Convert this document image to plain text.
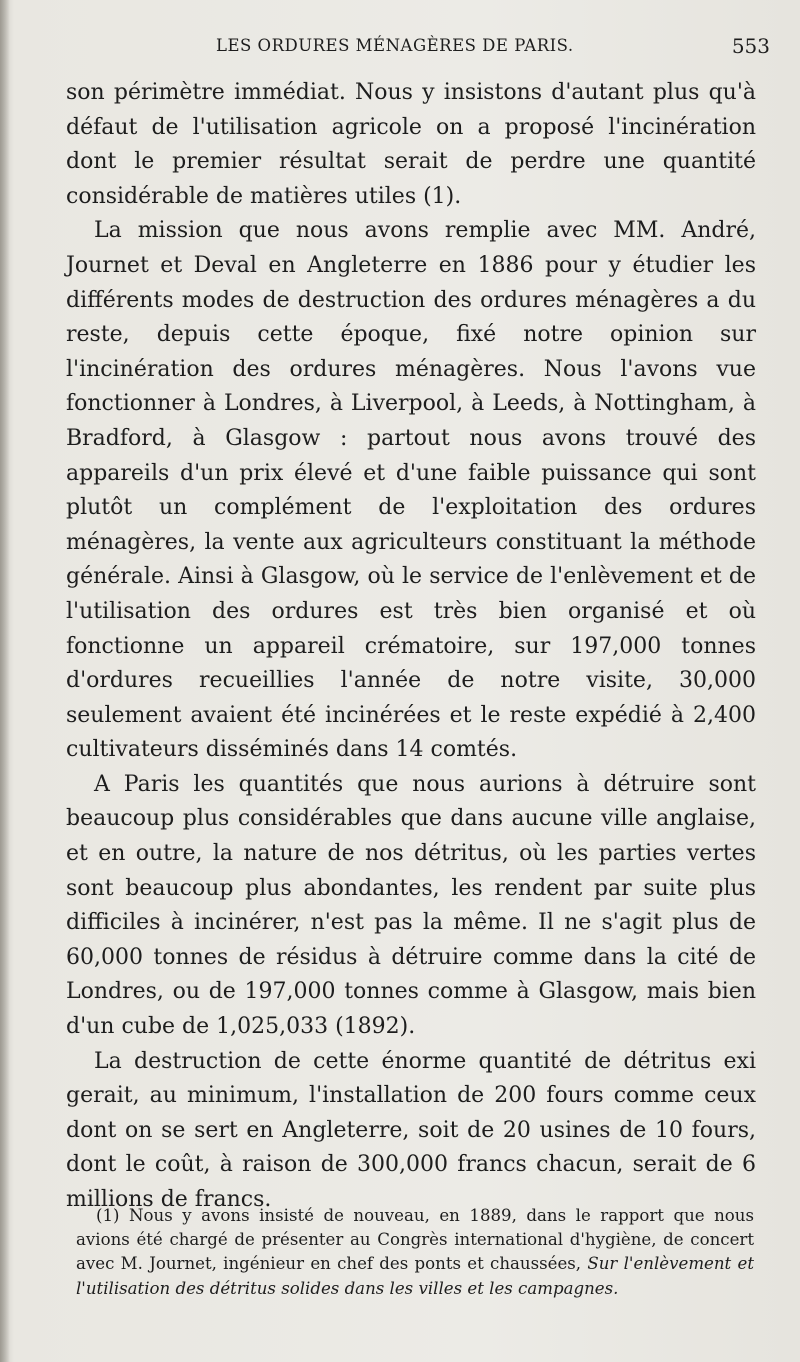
LES ORDURES MÉNAGÈRES DE PARIS.	553

son périmètre immédiat. Nous y insistons d'autant plus qu'à défaut de l'utilisation agricole on a proposé l'incinération dont le premier résultat serait de perdre une quantité considérable de matières utiles (1).

La mission que nous avons remplie avec MM. André, Journet et Deval en Angleterre en 1886 pour y étudier les différents modes de destruction des ordures ménagères a du reste, depuis cette époque, fixé notre opinion sur l'incinération des ordures ménagères. Nous l'avons vue fonctionner à Londres, à Liverpool, à Leeds, à Nottingham, à Bradford, à Glasgow : partout nous avons trouvé des appareils d'un prix élevé et d'une faible puissance qui sont plutôt un complément de l'exploitation des ordures ménagères, la vente aux agriculteurs constituant la méthode générale. Ainsi à Glasgow, où le service de l'enlèvement et de l'utilisation des ordures est très bien organisé et où fonctionne un appareil crématoire, sur 197,000 tonnes d'ordures recueillies l'année de notre visite, 30,000 seulement avaient été incinérées et le reste expédié à 2,400 cultivateurs disséminés dans 14 comtés.

A Paris les quantités que nous aurions à détruire sont beaucoup plus considérables que dans aucune ville anglaise, et en outre, la nature de nos détritus, où les parties vertes sont beaucoup plus abondantes, les rendent par suite plus difficiles à incinérer, n'est pas la même. Il ne s'agit plus de 60,000 tonnes de résidus à détruire comme dans la cité de Londres, ou de 197,000 tonnes comme à Glasgow, mais bien d'un cube de 1,025,033 (1892).

La destruction de cette énorme quantité de détritus exi gerait, au minimum, l'installation de 200 fours comme ceux dont on se sert en Angleterre, soit de 20 usines de 10 fours, dont le coût, à raison de 300,000 francs chacun, serait de 6 millions de francs.

(1) Nous y avons insisté de nouveau, en 1889, dans le rapport que nous avions été chargé de présenter au Congrès international d'hygiène, de concert avec M. Journet, ingénieur en chef des ponts et chaussées, Sur l'enlèvement et l'utilisation des détritus solides dans les villes et les campagnes.
